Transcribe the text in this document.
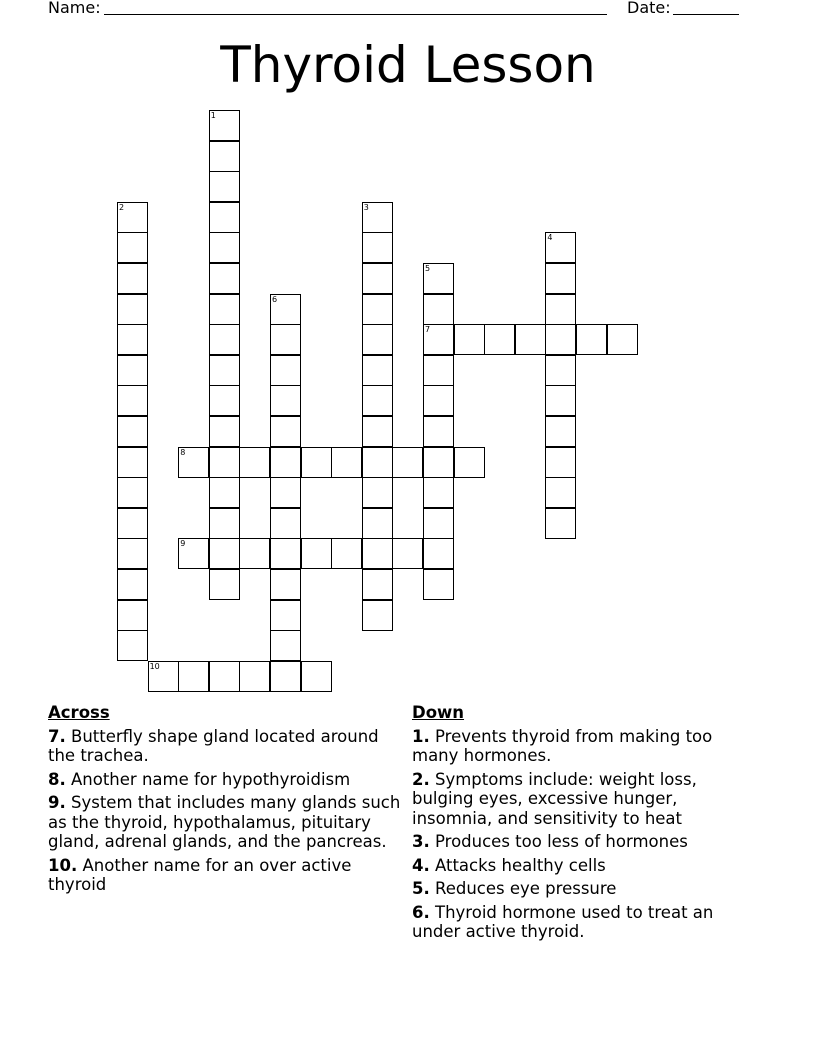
Name:	Date:
Thyroid Lesson
1
2	3
4
5
7
6
8
9
10
Across
7. Butterfly shape gland located around the trachea.
8. Another name for hypothyroidism
9. System that includes many glands such as the thyroid, hypothalamus, pituitary gland, adrenal glands, and the pancreas.
10. Another name for an over active thyroid
Down
1. Prevents thyroid from making too many hormones.
2. Symptoms include: weight loss, bulging eyes, excessive hunger, insomnia, and sensitivity to heat
3. Produces too less of hormones
4. Attacks healthy cells
5. Reduces eye pressure
6. Thyroid hormone used to treat an under active thyroid.
